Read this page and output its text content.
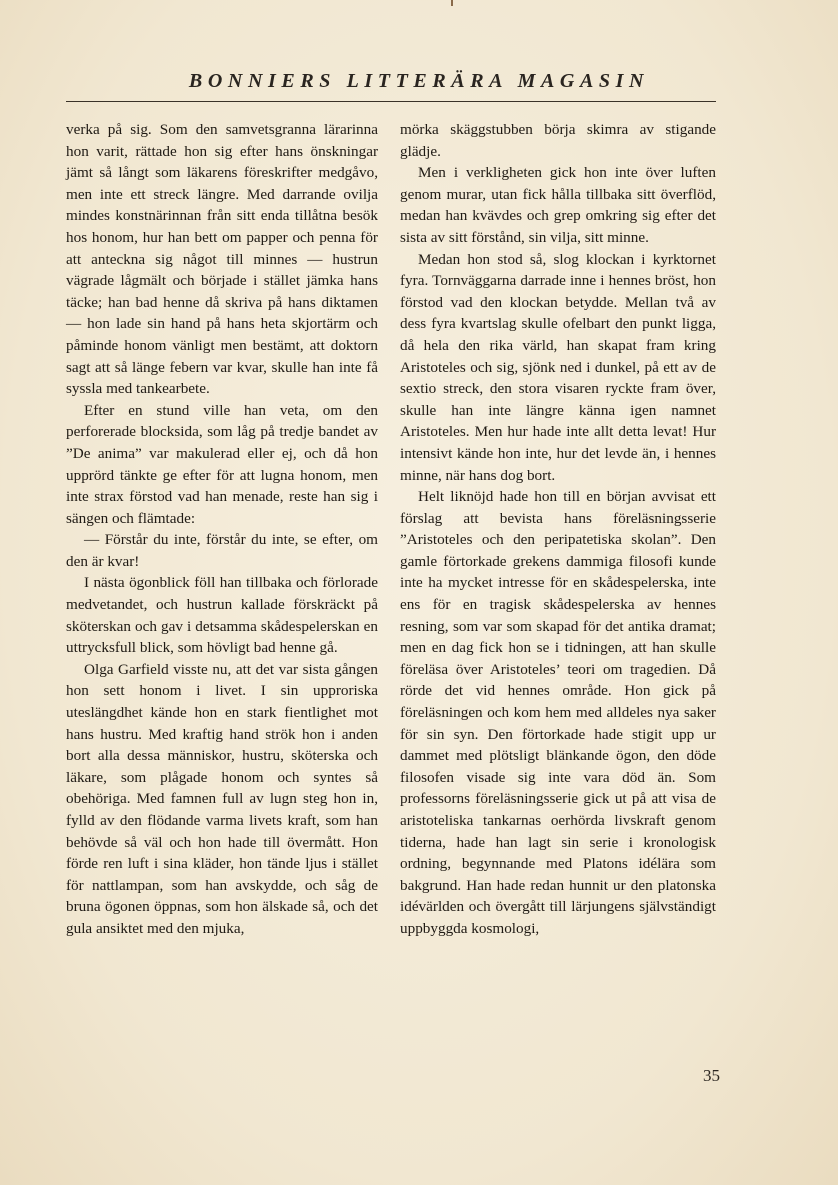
BONNIERS LITTERÄRA MAGASIN

verka på sig. Som den samvetsgranna lärarinna hon varit, rättade hon sig efter hans önskningar jämt så långt som läkarens föreskrifter medgåvo, men inte ett streck längre. Med darrande ovilja mindes konstnärinnan från sitt enda tillåtna besök hos honom, hur han bett om papper och penna för att anteckna sig något till minnes — hustrun vägrade lågmält och började i stället jämka hans täcke; han bad henne då skriva på hans diktamen — hon lade sin hand på hans heta skjortärm och påminde honom vänligt men bestämt, att doktorn sagt att så länge febern var kvar, skulle han inte få syssla med tankearbete.

Efter en stund ville han veta, om den perforerade blocksida, som låg på tredje bandet av ”De anima” var makulerad eller ej, och då hon upprörd tänkte ge efter för att lugna honom, men inte strax förstod vad han menade, reste han sig i sängen och flämtade:

— Förstår du inte, förstår du inte, se efter, om den är kvar!

I nästa ögonblick föll han tillbaka och förlorade medvetandet, och hustrun kallade förskräckt på sköterskan och gav i detsamma skådespelerskan en uttrycksfull blick, som hövligt bad henne gå.

Olga Garfield visste nu, att det var sista gången hon sett honom i livet. I sin upproriska uteslängdhet kände hon en stark fientlighet mot hans hustru. Med kraftig hand strök hon i anden bort alla dessa människor, hustru, sköterska och läkare, som plågade honom och syntes så obehöriga. Med famnen full av lugn steg hon in, fylld av den flödande varma livets kraft, som han behövde så väl och hon hade till övermått. Hon förde ren luft i sina kläder, hon tände ljus i stället för nattlampan, som han avskydde, och såg de bruna ögonen öppnas, som hon älskade så, och det gula ansiktet med den mjuka,

mörka skäggstubben börja skimra av stigande glädje.

Men i verkligheten gick hon inte över luften genom murar, utan fick hålla tillbaka sitt överflöd, medan han kvävdes och grep omkring sig efter det sista av sitt förstånd, sin vilja, sitt minne.

Medan hon stod så, slog klockan i kyrktornet fyra. Tornväggarna darrade inne i hennes bröst, hon förstod vad den klockan betydde. Mellan två av dess fyra kvartslag skulle ofelbart den punkt ligga, då hela den rika värld, han skapat fram kring Aristoteles och sig, sjönk ned i dunkel, på ett av de sextio streck, den stora visaren ryckte fram över, skulle han inte längre känna igen namnet Aristoteles. Men hur hade inte allt detta levat! Hur intensivt kände hon inte, hur det levde än, i hennes minne, när hans dog bort.

Helt liknöjd hade hon till en början avvisat ett förslag att bevista hans föreläsningsserie ”Aristoteles och den peripatetiska skolan”. Den gamle förtorkade grekens dammiga filosofi kunde inte ha mycket intresse för en skådespelerska, inte ens för en tragisk skådespelerska av hennes resning, som var som skapad för det antika dramat; men en dag fick hon se i tidningen, att han skulle föreläsa över Aristoteles’ teori om tragedien. Då rörde det vid hennes område. Hon gick på föreläsningen och kom hem med alldeles nya saker för sin syn. Den förtorkade hade stigit upp ur dammet med plötsligt blänkande ögon, den döde filosofen visade sig inte vara död än. Som professorns föreläsningsserie gick ut på att visa de aristoteliska tankarnas oerhörda livskraft genom tiderna, hade han lagt sin serie i kronologisk ordning, begynnande med Platons idélära som bakgrund. Han hade redan hunnit ur den platonska idévärlden och övergått till lärjungens självständigt uppbyggda kosmologi,

35
